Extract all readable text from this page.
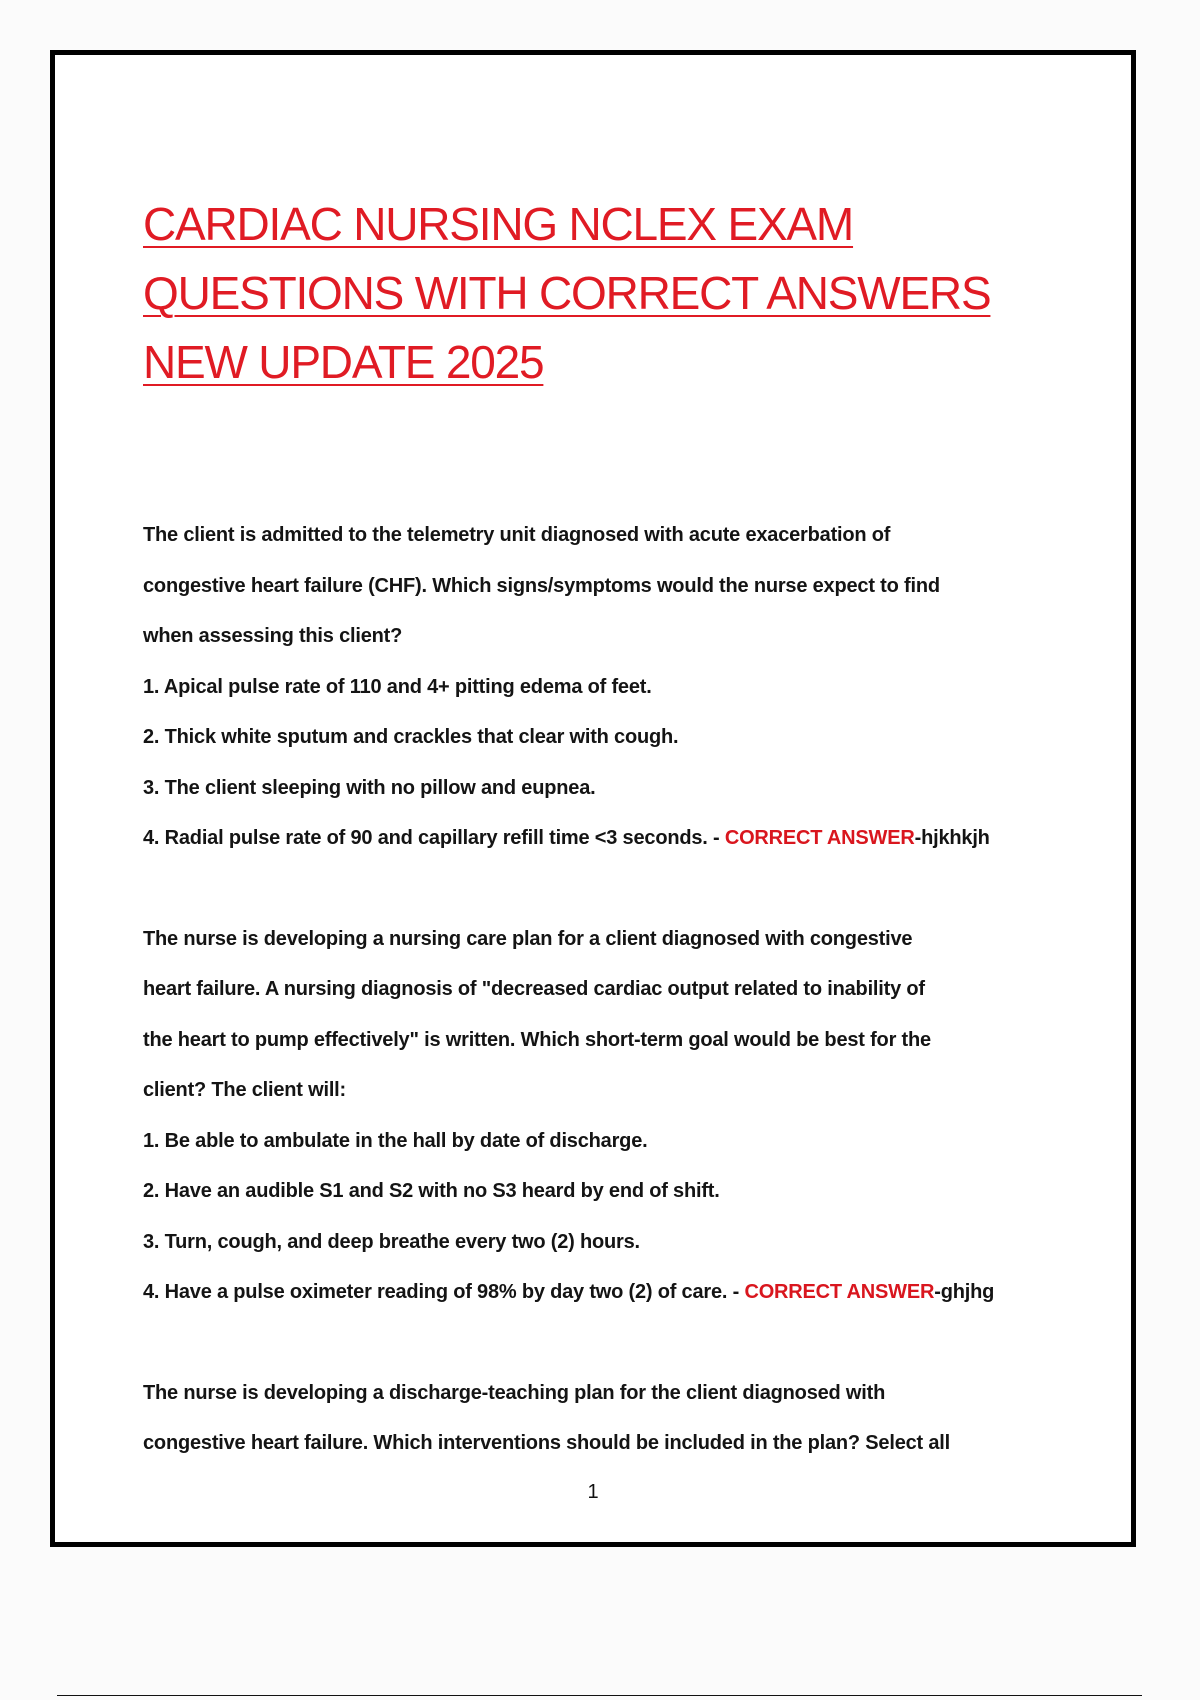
CARDIAC NURSING NCLEX EXAM
QUESTIONS WITH CORRECT ANSWERS
NEW UPDATE 2025

The client is admitted to the telemetry unit diagnosed with acute exacerbation of

congestive heart failure (CHF). Which signs/symptoms would the nurse expect to find

when assessing this client?

1. Apical pulse rate of 110 and 4+ pitting edema of feet.

2. Thick white sputum and crackles that clear with cough.

3. The client sleeping with no pillow and eupnea.

4. Radial pulse rate of 90 and capillary refill time <3 seconds. - CORRECT ANSWER-hjkhkjh

The nurse is developing a nursing care plan for a client diagnosed with congestive

heart failure. A nursing diagnosis of "decreased cardiac output related to inability of

the heart to pump effectively" is written. Which short-term goal would be best for the

client? The client will:

1. Be able to ambulate in the hall by date of discharge.

2. Have an audible S1 and S2 with no S3 heard by end of shift.

3. Turn, cough, and deep breathe every two (2) hours.

4. Have a pulse oximeter reading of 98% by day two (2) of care. - CORRECT ANSWER-ghjhg

The nurse is developing a discharge-teaching plan for the client diagnosed with

congestive heart failure. Which interventions should be included in the plan? Select all

1
